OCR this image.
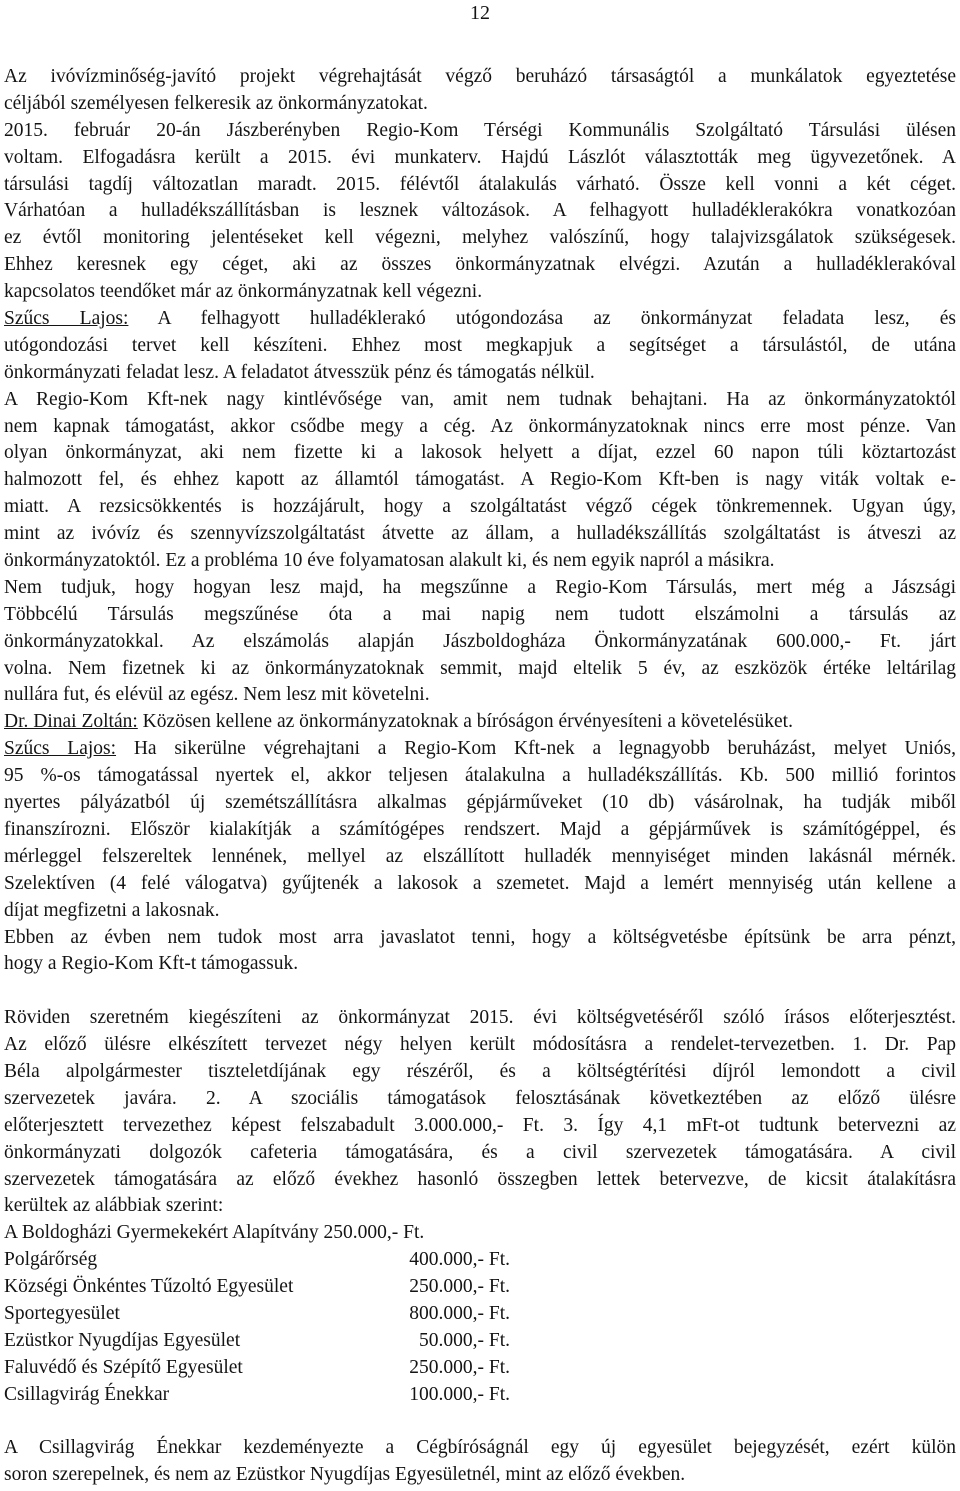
12
Az ivóvízminőség-javító projekt végrehajtását végző beruházó társaságtól a munkálatok egyeztetése
céljából személyesen felkeresik az önkormányzatokat.
2015. február 20-án Jászberényben Regio-Kom Térségi Kommunális Szolgáltató Társulási ülésen
voltam. Elfogadásra került a 2015. évi munkaterv. Hajdú Lászlót választották meg ügyvezetőnek. A
társulási tagdíj változatlan maradt. 2015. félévtől átalakulás várható. Össze kell vonni a két céget.
Várhatóan a hulladékszállításban is lesznek változások. A felhagyott hulladéklerakókra vonatkozóan
ez évtől monitoring jelentéseket kell végezni, melyhez valószínű, hogy talajvizsgálatok szükségesek.
Ehhez keresnek egy céget, aki az összes önkormányzatnak elvégzi. Azután a hulladéklerakóval
kapcsolatos teendőket már az önkormányzatnak kell végezni.
Szűcs Lajos: A felhagyott hulladéklerakó utógondozása az önkormányzat feladata lesz, és
utógondozási tervet kell készíteni. Ehhez most megkapjuk a segítséget a társulástól, de utána
önkormányzati feladat lesz. A feladatot átvesszük pénz és támogatás nélkül.
A Regio-Kom Kft-nek nagy kintlévősége van, amit nem tudnak behajtani. Ha az önkormányzatoktól
nem kapnak támogatást, akkor csődbe megy a cég. Az önkormányzatoknak nincs erre most pénze. Van
olyan önkormányzat, aki nem fizette ki a lakosok helyett a díjat, ezzel 60 napon túli köztartozást
halmozott fel, és ehhez kapott az államtól támogatást. A Regio-Kom Kft-ben is nagy viták voltak e-
miatt. A rezsicsökkentés is hozzájárult, hogy a szolgáltatást végző cégek tönkremennek. Ugyan úgy,
mint az ivóvíz és szennyvízszolgáltatást átvette az állam, a hulladékszállítás szolgáltatást is átveszi az
önkormányzatoktól. Ez a probléma 10 éve folyamatosan alakult ki, és nem egyik napról a másikra.
Nem tudjuk, hogy hogyan lesz majd, ha megszűnne a Regio-Kom Társulás, mert még a Jászsági
Többcélú Társulás megszűnése óta a mai napig nem tudott elszámolni a társulás az
önkormányzatokkal. Az elszámolás alapján Jászboldogháza Önkormányzatának 600.000,- Ft. járt
volna. Nem fizetnek ki az önkormányzatoknak semmit, majd eltelik 5 év, az eszközök értéke leltárilag
nullára fut, és elévül az egész. Nem lesz mit követelni.
Dr. Dinai Zoltán: Közösen kellene az önkormányzatoknak a bíróságon érvényesíteni a követelésüket.
Szűcs Lajos: Ha sikerülne végrehajtani a Regio-Kom Kft-nek a legnagyobb beruházást, melyet Uniós,
95 %-os támogatással nyertek el, akkor teljesen átalakulna a hulladékszállítás. Kb. 500 millió forintos
nyertes pályázatból új szemétszállításra alkalmas gépjárműveket (10 db) vásárolnak, ha tudják miből
finanszírozni. Először kialakítják a számítógépes rendszert. Majd a gépjárművek is számítógéppel, és
mérleggel felszereltek lennének, mellyel az elszállított hulladék mennyiséget minden lakásnál mérnék.
Szelektíven (4 felé válogatva) gyűjtenék a lakosok a szemetet. Majd a lemért mennyiség után kellene a
díjat megfizetni a lakosnak.
Ebben az évben nem tudok most arra javaslatot tenni, hogy a költségvetésbe építsünk be arra pénzt,
hogy a Regio-Kom Kft-t támogassuk.
Röviden szeretném kiegészíteni az önkormányzat 2015. évi költségvetéséről szóló írásos előterjesztést.
Az előző ülésre elkészített tervezet négy helyen került módosításra a rendelet-tervezetben. 1. Dr. Pap
Béla alpolgármester tiszteletdíjának egy részéről, és a költségtérítési díjról lemondott a civil
szervezetek javára. 2. A szociális támogatások felosztásának következtében az előző ülésre
előterjesztett tervezethez képest felszabadult 3.000.000,- Ft. 3. Így 4,1 mFt-ot tudtunk betervezni az
önkormányzati dolgozók cafeteria támogatására, és a civil szervezetek támogatására. A civil
szervezetek támogatására az előző évekhez hasonló összegben lettek betervezve, de kicsit átalakításra
kerültek az alábbiak szerint:
A Boldogházi Gyermekekért Alapítvány 250.000,- Ft.
Polgárőrség	400.000,- Ft.
Községi Önkéntes Tűzoltó Egyesület	250.000,- Ft.
Sportegyesület	800.000,- Ft.
Ezüstkor Nyugdíjas Egyesület	50.000,- Ft.
Faluvédő és Szépítő Egyesület	250.000,- Ft.
Csillagvirág Énekkar	100.000,- Ft.
A Csillagvirág Énekkar kezdeményezte a Cégbíróságnál egy új egyesület bejegyzését, ezért külön
soron szerepelnek, és nem az Ezüstkor Nyugdíjas Egyesületnél, mint az előző években.
